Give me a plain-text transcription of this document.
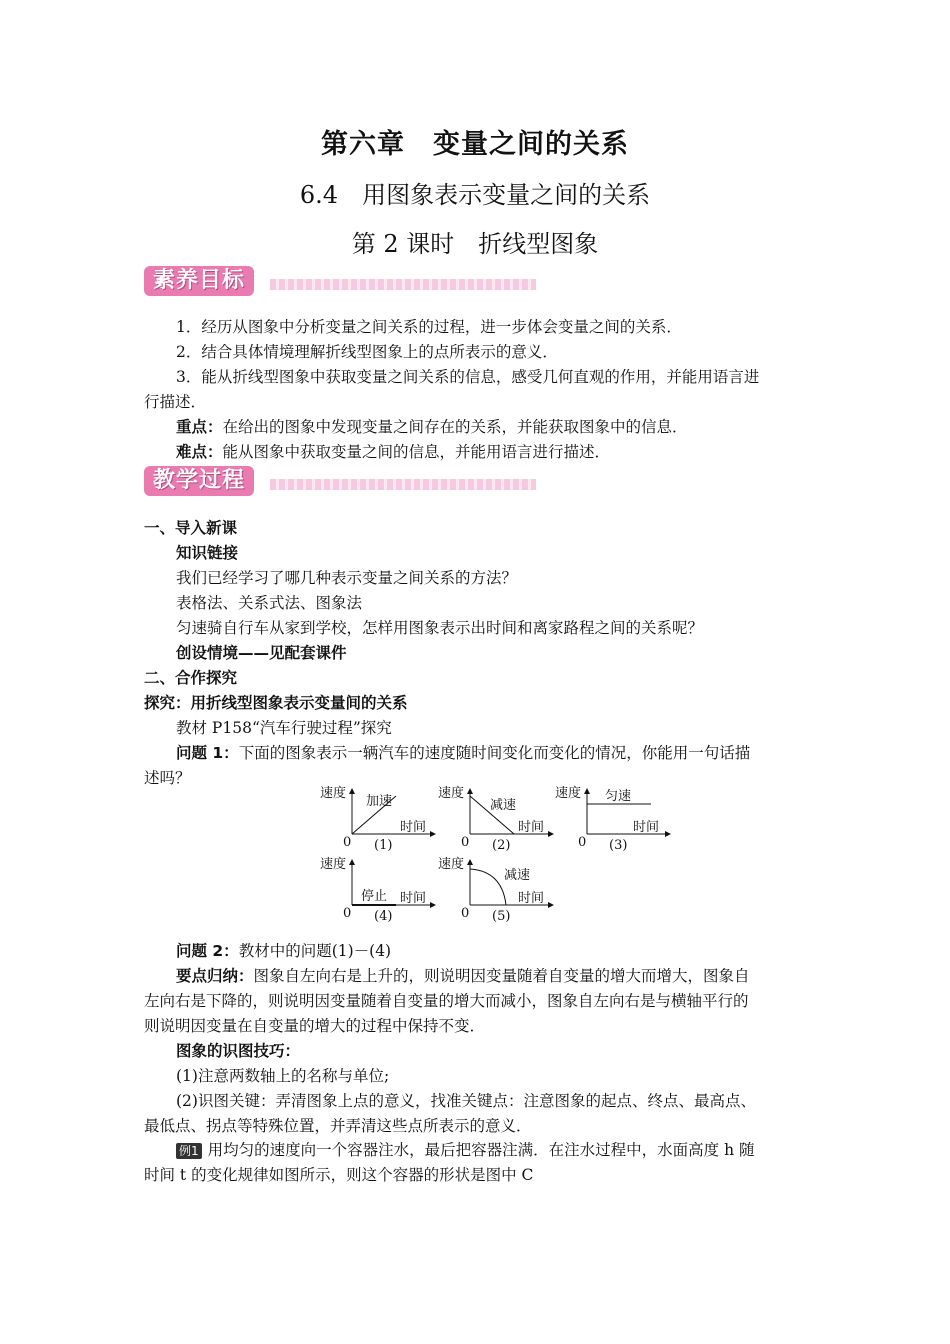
第六章　变量之间的关系
6.4　用图象表示变量之间的关系
第 2 课时　折线型图象
素养目标
1．经历从图象中分析变量之间关系的过程，进一步体会变量之间的关系．
2．结合具体情境理解折线型图象上的点所表示的意义．
3．能从折线型图象中获取变量之间关系的信息，感受几何直观的作用，并能用语言进
行描述．
重点：在给出的图象中发现变量之间存在的关系，并能获取图象中的信息．
难点：能从图象中获取变量之间的信息，并能用语言进行描述．
教学过程
一、导入新课
知识链接
我们已经学习了哪几种表示变量之间关系的方法？
表格法、关系式法、图象法
匀速骑自行车从家到学校，怎样用图象表示出时间和离家路程之间的关系呢？
创设情境——见配套课件
二、合作探究
探究：用折线型图象表示变量间的关系
教材 P158“汽车行驶过程”探究
问题 1：下面的图象表示一辆汽车的速度随时间变化而变化的情况，你能用一句话描
述吗？
速度
加速
时间
0 (1)
速度
减速
时间
0 (2)
速度 匀速
时间
0 (3)
速度
停止 时间
0 (4)
速度
减速
时间
0 (5)
问题 2：教材中的问题(1)－(4)
要点归纳：图象自左向右是上升的，则说明因变量随着自变量的增大而增大，图象自
左向右是下降的，则说明因变量随着自变量的增大而减小，图象自左向右是与横轴平行的
则说明因变量在自变量的增大的过程中保持不变．
图象的识图技巧：
(1)注意两数轴上的名称与单位;
(2)识图关键：弄清图象上点的意义，找准关键点：注意图象的起点、终点、最高点、
最低点、拐点等特殊位置，并弄清这些点所表示的意义．
例1 用均匀的速度向一个容器注水，最后把容器注满．在注水过程中，水面高度 h 随
时间 t 的变化规律如图所示，则这个容器的形状是图中 C
